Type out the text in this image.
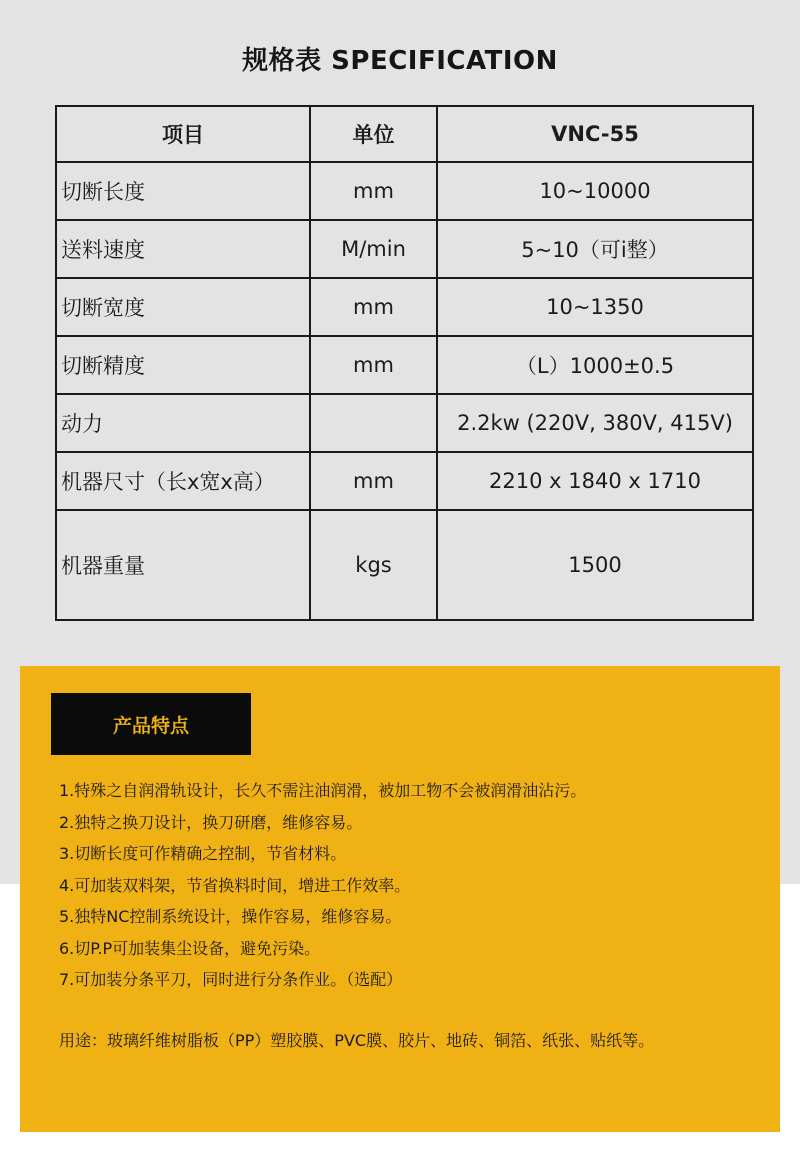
规格表 SPECIFICATION
项目	单位	VNC-55
切断长度	mm	10~10000
送料速度	M/min	5~10（可i整）
切断宽度	mm	10~1350
切断精度	mm	（L）1000±0.5
动力		2.2kw (220V, 380V, 415V)
机器尺寸（长x宽x高）	mm	2210 x 1840 x 1710
机器重量	kgs	1500
产品特点
1.特殊之自润滑轨设计，长久不需注油润滑，被加工物不会被润滑油沾污。
2.独特之换刀设计，换刀研磨，维修容易。
3.切断长度可作精确之控制，节省材料。
4.可加装双料架，节省换料时间，增进工作效率。
5.独特NC控制系统设计，操作容易，维修容易。
6.切P.P可加装集尘设备，避免污染。
7.可加装分条平刀，同时进行分条作业。（选配）
用途：玻璃纤维树脂板（PP）塑胶膜、PVC膜、胶片、地砖、铜箔、纸张、贴纸等。
